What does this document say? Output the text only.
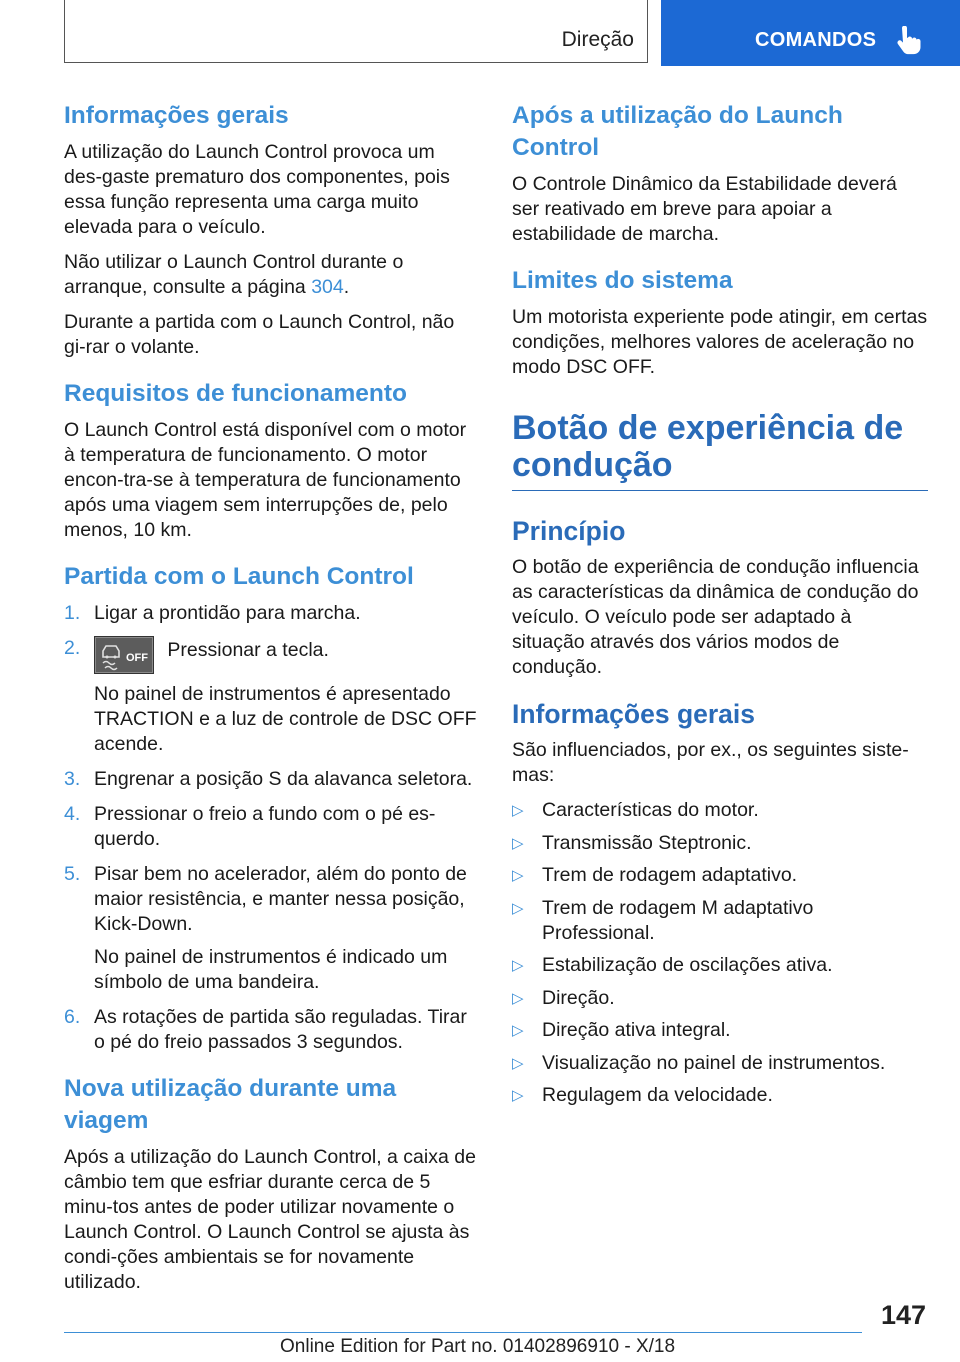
Direção	COMANDOS
Informações gerais

A utilização do Launch Control provoca um des-gaste prematuro dos componentes, pois essa função representa uma carga muito elevada para o veículo.

Não utilizar o Launch Control durante o arranque, consulte a página 304.

Durante a partida com o Launch Control, não gi-rar o volante.

Requisitos de funcionamento

O Launch Control está disponível com o motor à temperatura de funcionamento. O motor encon-tra-se à temperatura de funcionamento após uma viagem sem interrupções de, pelo menos, 10 km.

Partida com o Launch Control
1. Ligar a prontidão para marcha.
2.	OFF Pressionar a tecla.
No painel de instrumentos é apresentado TRACTION e a luz de controle de DSC OFF acende.
3. Engrenar a posição S da alavanca seletora.
4. Pressionar o freio a fundo com o pé es-querdo.
5. Pisar bem no acelerador, além do ponto de maior resistência, e manter nessa posição, Kick-Down.
No painel de instrumentos é indicado um símbolo de uma bandeira.
6. As rotações de partida são reguladas. Tirar o pé do freio passados 3 segundos.
Nova utilização durante uma viagem

Após a utilização do Launch Control, a caixa de câmbio tem que esfriar durante cerca de 5 minu-tos antes de poder utilizar novamente o Launch Control. O Launch Control se ajusta às condi-ções ambientais se for novamente utilizado.

Após a utilização do Launch Control

O Controle Dinâmico da Estabilidade deverá ser reativado em breve para apoiar a estabilidade de marcha.

Limites do sistema

Um motorista experiente pode atingir, em certas condições, melhores valores de aceleração no modo DSC OFF.

Botão de experiência de condução
Princípio

O botão de experiência de condução influencia as características da dinâmica de condução do veículo. O veículo pode ser adaptado à situação através dos vários modos de condução.

Informações gerais

São influenciados, por ex., os seguintes siste-mas:

▷ Características do motor.
▷ Transmissão Steptronic.
▷ Trem de rodagem adaptativo.
▷ Trem de rodagem M adaptativo Professional.
▷ Estabilização de oscilações ativa.
▷ Direção.
▷ Direção ativa integral.
▷ Visualização no painel de instrumentos.
▷ Regulagem da velocidade.
147
Online Edition for Part no. 01402896910 - X/18
